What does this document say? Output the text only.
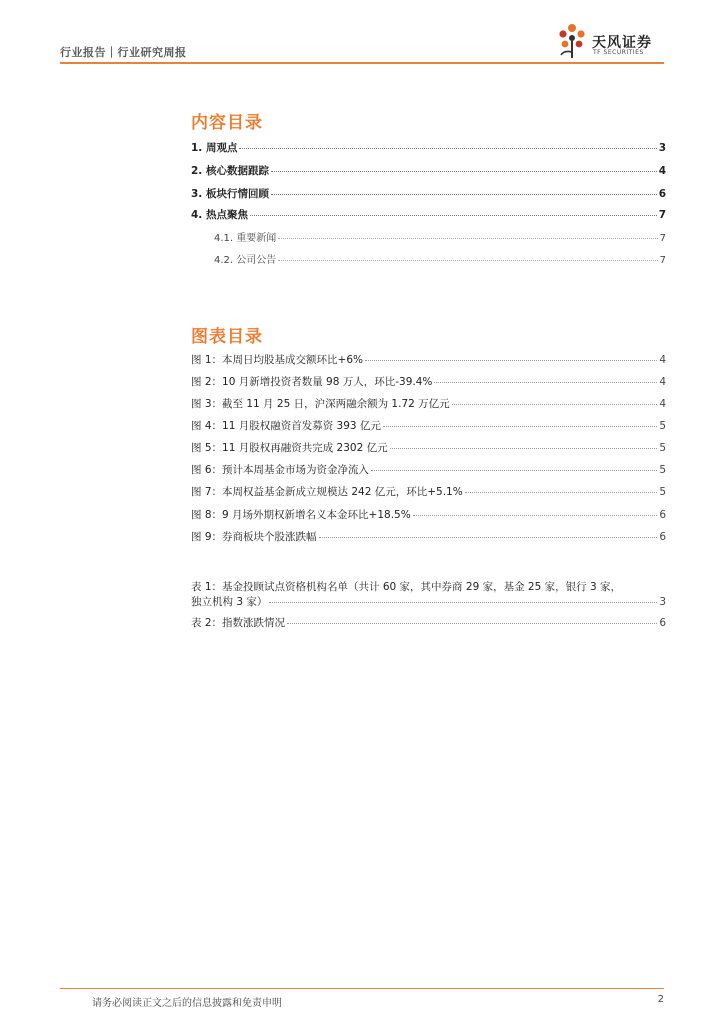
行业报告｜行业研究周报
天风证券
TF SECURITIES
内容目录
1. 周观点	3
2. 核心数据跟踪	4
3. 板块行情回顾	6
4. 热点聚焦	7
4.1. 重要新闻	7
4.2. 公司公告	7
图表目录
图 1：本周日均股基成交额环比+6%	4
图 2：10 月新增投资者数量 98 万人，环比-39.4%	4
图 3：截至 11 月 25 日，沪深两融余额为 1.72 万亿元	4
图 4：11 月股权融资首发募资 393 亿元	5
图 5：11 月股权再融资共完成 2302 亿元	5
图 6：预计本周基金市场为资金净流入	5
图 7：本周权益基金新成立规模达 242 亿元，环比+5.1%	5
图 8：9 月场外期权新增名义本金环比+18.5%	6
图 9：券商板块个股涨跌幅	6
表 1：基金投顾试点资格机构名单（共计 60 家，其中券商 29 家，基金 25 家，银行 3 家，
独立机构 3 家）	3
表 2：指数涨跌情况	6
请务必阅读正文之后的信息披露和免责申明	2
